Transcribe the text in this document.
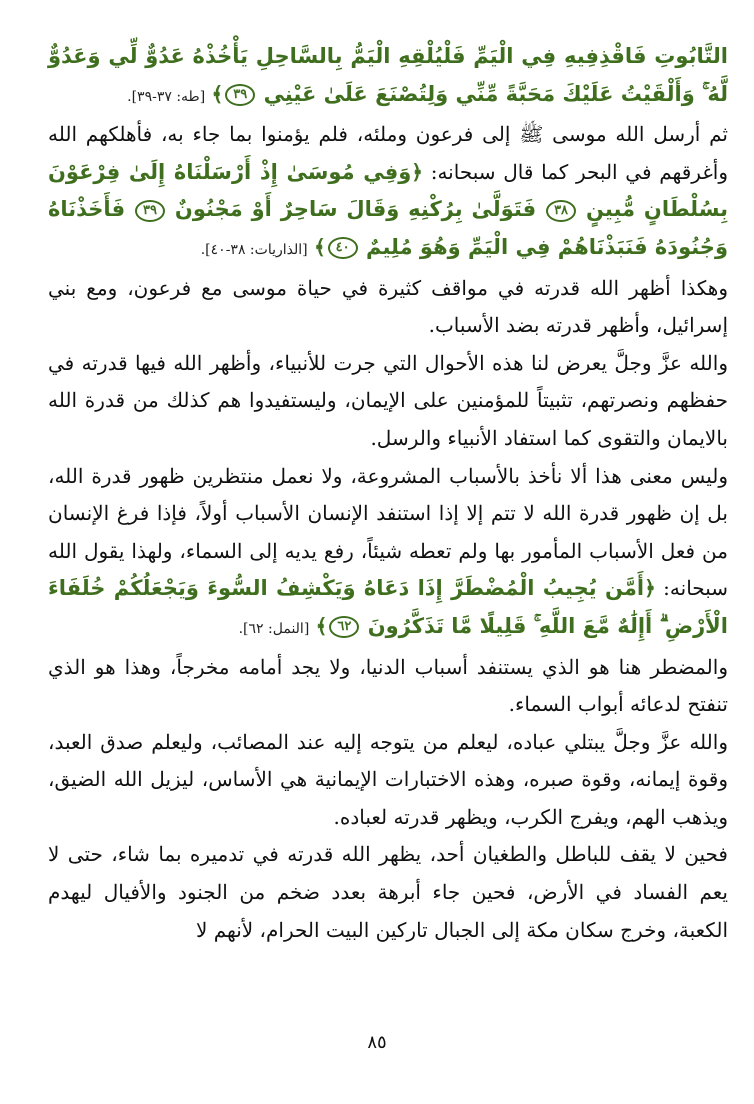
التَّابُوتِ فَاقْذِفِيهِ فِي الْيَمِّ فَلْيُلْقِهِ الْيَمُّ بِالسَّاحِلِ يَأْخُذْهُ عَدُوٌّ لِّي وَعَدُوٌّ لَّهُ ۚ وَأَلْقَيْتُ عَلَيْكَ مَحَبَّةً مِّنِّي وَلِتُصْنَعَ عَلَىٰ عَيْنِي ٣٩﴾ [طه: ٣٧-٣٩].

ثم أرسل الله موسى ﷺ إلى فرعون وملئه، فلم يؤمنوا بما جاء به، فأهلكهم الله وأغرقهم في البحر كما قال سبحانه: ﴿وَفِي مُوسَىٰ إِذْ أَرْسَلْنَاهُ إِلَىٰ فِرْعَوْنَ بِسُلْطَانٍ مُّبِينٍ ٣٨ فَتَوَلَّىٰ بِرُكْنِهِ وَقَالَ سَاحِرٌ أَوْ مَجْنُونٌ ٣٩ فَأَخَذْنَاهُ وَجُنُودَهُ فَنَبَذْنَاهُمْ فِي الْيَمِّ وَهُوَ مُلِيمٌ ٤٠﴾ [الذاريات: ٣٨-٤٠].

وهكذا أظهر الله قدرته في مواقف كثيرة في حياة موسى مع فرعون، ومع بني إسرائيل، وأظهر قدرته بضد الأسباب.

والله عزَّ وجلَّ يعرض لنا هذه الأحوال التي جرت للأنبياء، وأظهر الله فيها قدرته في حفظهم ونصرتهم، تثبيتاً للمؤمنين على الإيمان، وليستفيدوا هم كذلك من قدرة الله بالايمان والتقوى كما استفاد الأنبياء والرسل.

وليس معنى هذا ألا نأخذ بالأسباب المشروعة، ولا نعمل منتظرين ظهور قدرة الله، بل إن ظهور قدرة الله لا تتم إلا إذا استنفد الإنسان الأسباب أولاً، فإذا فرغ الإنسان من فعل الأسباب المأمور بها ولم تعطه شيئاً، رفع يديه إلى السماء، ولهذا يقول الله سبحانه: ﴿أَمَّن يُجِيبُ الْمُضْطَرَّ إِذَا دَعَاهُ وَيَكْشِفُ السُّوءَ وَيَجْعَلُكُمْ خُلَفَاءَ الْأَرْضِ ۗ أَإِلَٰهٌ مَّعَ اللَّهِ ۚ قَلِيلًا مَّا تَذَكَّرُونَ ٦٢﴾ [النمل: ٦٢].

والمضطر هنا هو الذي يستنفد أسباب الدنيا، ولا يجد أمامه مخرجاً، وهذا هو الذي تنفتح لدعائه أبواب السماء.

والله عزَّ وجلَّ يبتلي عباده، ليعلم من يتوجه إليه عند المصائب، وليعلم صدق العبد، وقوة إيمانه، وقوة صبره، وهذه الاختبارات الإيمانية هي الأساس، ليزيل الله الضيق، ويذهب الهم، ويفرج الكرب، ويظهر قدرته لعباده.

فحين لا يقف للباطل والطغيان أحد، يظهر الله قدرته في تدميره بما شاء، حتى لا يعم الفساد في الأرض، فحين جاء أبرهة بعدد ضخم من الجنود والأفيال ليهدم الكعبة، وخرج سكان مكة إلى الجبال تاركين البيت الحرام، لأنهم لا

٨٥
